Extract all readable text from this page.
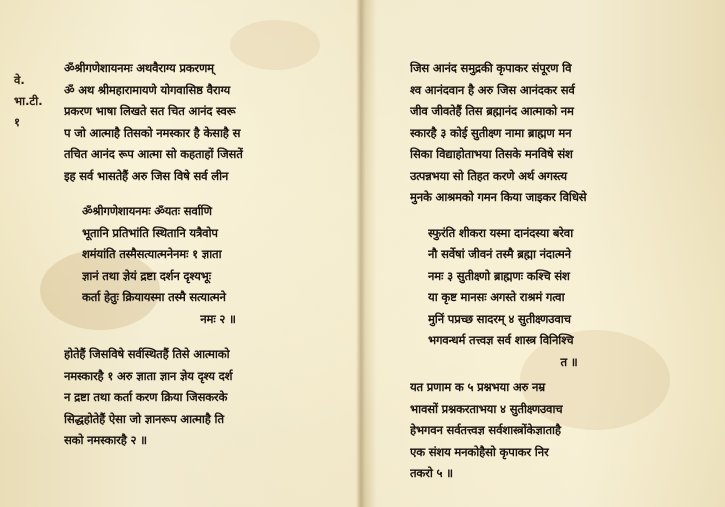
वे.
भा.टी.
१
ॐश्रीगणेशायनमः अथवैराग्य प्रकरणम्
ॐ अथ श्रीमहारामायणे योगवासिष्ठ वैराग्य
प्रकरण भाषा लिखते सत चित आनंद स्वरू
प जो आत्माहै तिसको नमस्कार है केसाहै स
तचित आनंद रूप आत्मा सो कहताहों जिसतें
इह सर्व भासतेहैं अरु जिस विषे सर्व लीन
ॐश्रीगणेशायनमः ॐयतः सर्वाणि
भूतानि प्रतिभांति स्थितानि यत्रैवोप
शमंयांति तस्मैसत्यात्मनेनमः १ ज्ञाता
ज्ञानं तथा ज्ञेयं द्रष्टा दर्शन दृश्यभूः
कर्ता हेतुः क्रियायस्मा तस्मै सत्यात्मने
नमः २ ॥
होतेहैं जिसविषे सर्वस्थितहैं तिसे आत्माको
नमस्कारहै १ अरु ज्ञाता ज्ञान ज्ञेय दृश्य दर्श
न द्रष्टा तथा कर्ता करण क्रिया जिसकरके
सिद्धहोतेहैं ऐसा जो ज्ञानरूप आत्माहै ति
सको नमस्कारहै २ ॥
जिस आनंद समुद्रकी कृपाकर संपूरण वि
श्व आनंदवान है अरु जिस आनंदकर सर्व
जीव जीवतेहैं तिस ब्रह्मानंद आत्माको नम
स्कारहै ३ कोई सुतीक्ष्ण नामा ब्राह्मण मन
सिका विद्याहोताभया तिसके मनविषे संश
उत्पन्नभया सो तिहत करणे अर्थ अगस्त्य
मुनके आश्रमको गमन किया जाइकर विधिसे
स्फुरंति शीकरा यस्मा दानंदस्या बरेवा
नौ सर्वेषां जीवनं तस्मै ब्रह्मा नंदात्मने
नमः ३ सुतीक्ष्णो ब्राह्मणः कश्चि संश
या कृष्ट मानसः अगस्ते राश्रमं गत्वा
मुनिं पप्रच्छ सादरम् ४ सुतीक्ष्णउवाच
भगवन्धर्म तत्त्वज्ञ सर्व शास्त्र विनिश्चि
त ॥
यत प्रणाम क ५ प्रश्नभया अरु नम्र
भावसों प्रश्नकरताभया ४ सुतीक्ष्णउवाच
हेभगवन सर्वतत्त्वज्ञ सर्वशास्त्रोंकेज्ञाताहै
एक संशय मनकोहैसो कृपाकर निर
तकरो ५ ॥
